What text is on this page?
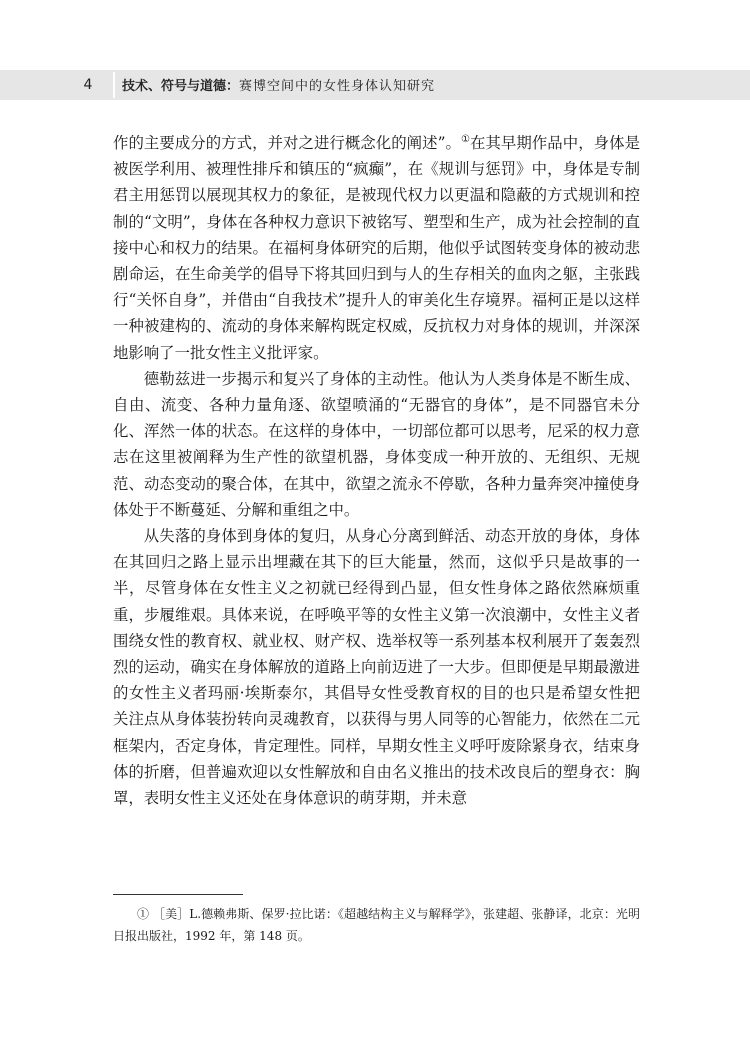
4	技术、符号与道德：赛博空间中的女性身体认知研究

作的主要成分的方式，并对之进行概念化的阐述”。①在其早期作品中，身体是被医学利用、被理性排斥和镇压的“疯癫”，在《规训与惩罚》中，身体是专制君主用惩罚以展现其权力的象征，是被现代权力以更温和隐蔽的方式规训和控制的“文明”，身体在各种权力意识下被铭写、塑型和生产，成为社会控制的直接中心和权力的结果。在福柯身体研究的后期，他似乎试图转变身体的被动悲剧命运，在生命美学的倡导下将其回归到与人的生存相关的血肉之躯，主张践行“关怀自身”，并借由“自我技术”提升人的审美化生存境界。福柯正是以这样一种被建构的、流动的身体来解构既定权威，反抗权力对身体的规训，并深深地影响了一批女性主义批评家。

德勒兹进一步揭示和复兴了身体的主动性。他认为人类身体是不断生成、自由、流变、各种力量角逐、欲望喷涌的“无器官的身体”，是不同器官未分化、浑然一体的状态。在这样的身体中，一切部位都可以思考，尼采的权力意志在这里被阐释为生产性的欲望机器，身体变成一种开放的、无组织、无规范、动态变动的聚合体，在其中，欲望之流永不停歇，各种力量奔突冲撞使身体处于不断蔓延、分解和重组之中。

从失落的身体到身体的复归，从身心分离到鲜活、动态开放的身体，身体在其回归之路上显示出埋藏在其下的巨大能量，然而，这似乎只是故事的一半，尽管身体在女性主义之初就已经得到凸显，但女性身体之路依然麻烦重重，步履维艰。具体来说，在呼唤平等的女性主义第一次浪潮中，女性主义者围绕女性的教育权、就业权、财产权、选举权等一系列基本权利展开了轰轰烈烈的运动，确实在身体解放的道路上向前迈进了一大步。但即便是早期最激进的女性主义者玛丽·埃斯泰尔，其倡导女性受教育权的目的也只是希望女性把关注点从身体装扮转向灵魂教育，以获得与男人同等的心智能力，依然在二元框架内，否定身体，肯定理性。同样，早期女性主义呼吁废除紧身衣，结束身体的折磨，但普遍欢迎以女性解放和自由名义推出的技术改良后的塑身衣：胸罩，表明女性主义还处在身体意识的萌芽期，并未意

① ［美］L.德赖弗斯、保罗·拉比诺：《超越结构主义与解释学》，张建超、张静译，北京：光明日报出版社，1992 年，第 148 页。
